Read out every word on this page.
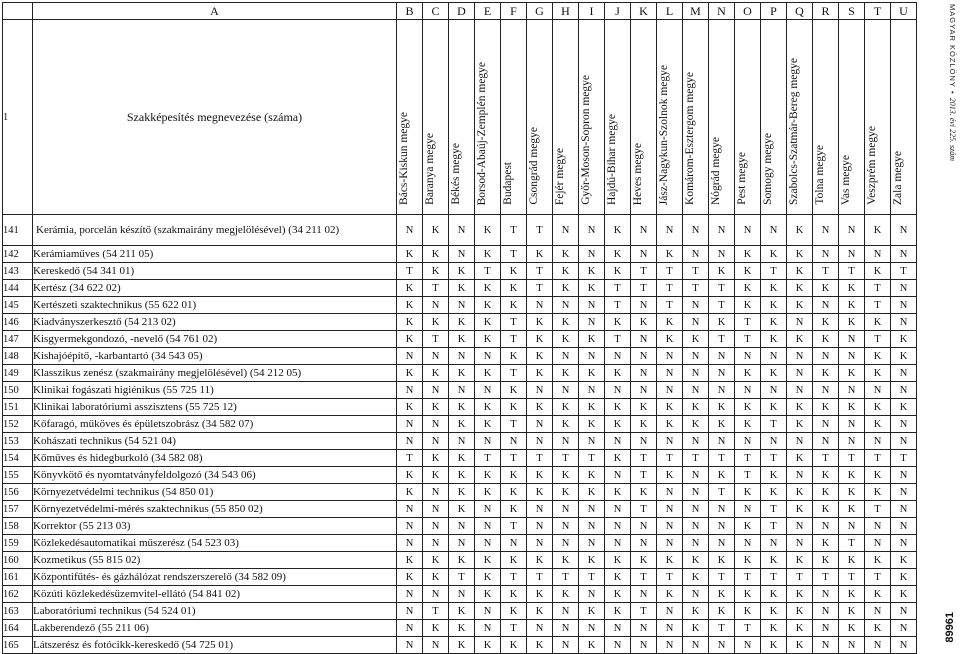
	A	B	C	D	E	F	G	H	I	J	K	L	M	N	O	P	Q	R	S	T	U
1	Szakképesítés megnevezése (száma)	Bács-Kiskun megye	Baranya megye	Békés megye	Borsod-Abaúj-Zemplén megye	Budapest	Csongrád megye	Fejér megye	Győr-Moson-Sopron megye	Hajdú-Bihar megye	Heves megye	Jász-Nagykun-Szolnok megye	Komárom-Esztergom megye	Nógrád megye	Pest megye	Somogy megye	Szabolcs-Szatmár-Bereg megye	Tolna megye	Vas megye	Veszprém megye	Zala megye
141	Kerámia, porcelán készítő (szakmairány megjelölésével) (34 211 02)	N	K	N	K	T	T	N	N	K	N	N	N	N	N	N	K	N	N	K	N
142	Kerámiaműves (54 211 05)	K	K	N	K	T	K	K	N	K	N	K	N	N	K	K	K	N	N	N	N
143	Kereskedő (54 341 01)	T	K	K	T	K	T	K	K	K	T	T	T	K	K	T	K	T	T	K	T
144	Kertész (34 622 02)	K	T	K	K	K	T	K	K	T	T	T	T	T	K	K	K	K	K	T	N
145	Kertészeti szaktechnikus (55 622 01)	K	N	N	K	K	N	N	N	T	N	T	N	T	K	K	K	N	K	T	N
146	Kiadványszerkesztő (54 213 02)	K	K	K	K	T	K	K	N	K	K	K	N	K	T	K	N	K	K	K	N
147	Kisgyermekgondozó, -nevelő (54 761 02)	K	T	K	K	T	K	K	K	T	N	K	K	T	T	K	K	K	N	T	K
148	Kishajóépítő, -karbantartó (34 543 05)	N	N	N	N	K	K	N	N	N	N	N	N	N	N	N	N	N	N	K	K
149	Klasszikus zenész (szakmairány megjelölésével) (54 212 05)	K	K	K	K	T	K	K	K	K	N	N	N	N	K	K	N	K	K	K	N
150	Klinikai fogászati higiénikus (55 725 11)	N	N	N	N	K	N	N	N	N	N	N	N	N	N	N	N	N	N	N	N
151	Klinikai laboratóriumi asszisztens (55 725 12)	K	K	K	K	K	K	K	K	K	K	K	K	K	K	K	K	K	K	K	K
152	Kőfaragó, műköves és épületszobrász (34 582 07)	N	N	K	K	T	N	K	K	K	K	K	K	K	K	T	K	N	N	K	N
153	Kohászati technikus (54 521 04)	N	N	N	N	N	N	N	N	N	N	N	N	N	N	N	N	N	N	N	N
154	Kőműves és hidegburkoló (34 582 08)	T	K	K	T	T	T	T	T	K	T	T	T	T	T	T	K	T	T	T	T
155	Könyvkötő és nyomtatványfeldolgozó (34 543 06)	K	K	K	K	K	K	K	K	N	T	K	N	K	T	K	N	K	K	K	N
156	Környezetvédelmi technikus (54 850 01)	K	N	K	K	K	K	K	K	K	K	N	N	T	K	K	K	K	K	K	N
157	Környezetvédelmi-mérés szaktechnikus (55 850 02)	N	N	K	N	K	N	N	N	N	T	N	N	N	N	T	K	K	K	T	N
158	Korrektor (55 213 03)	N	N	N	N	T	N	N	N	N	N	N	N	N	K	T	N	N	N	N	N
159	Közlekedésautomatikai műszerész (54 523 03)	N	N	N	N	N	N	N	N	N	N	N	N	N	N	N	N	K	T	N	N
160	Kozmetikus (55 815 02)	K	K	K	K	K	K	K	K	K	K	K	K	K	K	K	K	K	K	K	K
161	Központifűtés- és gázhálózat rendszerszerelő (34 582 09)	K	K	T	K	T	T	T	T	K	T	T	K	T	T	T	T	T	T	T	K
162	Közúti közlekedésüzemvitel-ellátó (54 841 02)	N	N	N	K	K	K	K	N	K	N	K	N	K	K	K	K	N	K	K	K
163	Laboratóriumi technikus (54 524 01)	N	T	K	N	K	K	N	K	K	T	N	K	K	K	K	K	N	K	N	N
164	Lakberendező (55 211 06)	N	K	K	N	T	N	N	N	N	N	N	K	T	T	K	K	N	K	K	N
165	Látszerész és fotócikk-kereskedő (54 725 01)	N	N	K	K	K	K	N	K	N	N	N	N	N	N	K	K	N	N	N	N
MAGYAR KÖZLÖNY • 2013. évi 225. szám
89961
